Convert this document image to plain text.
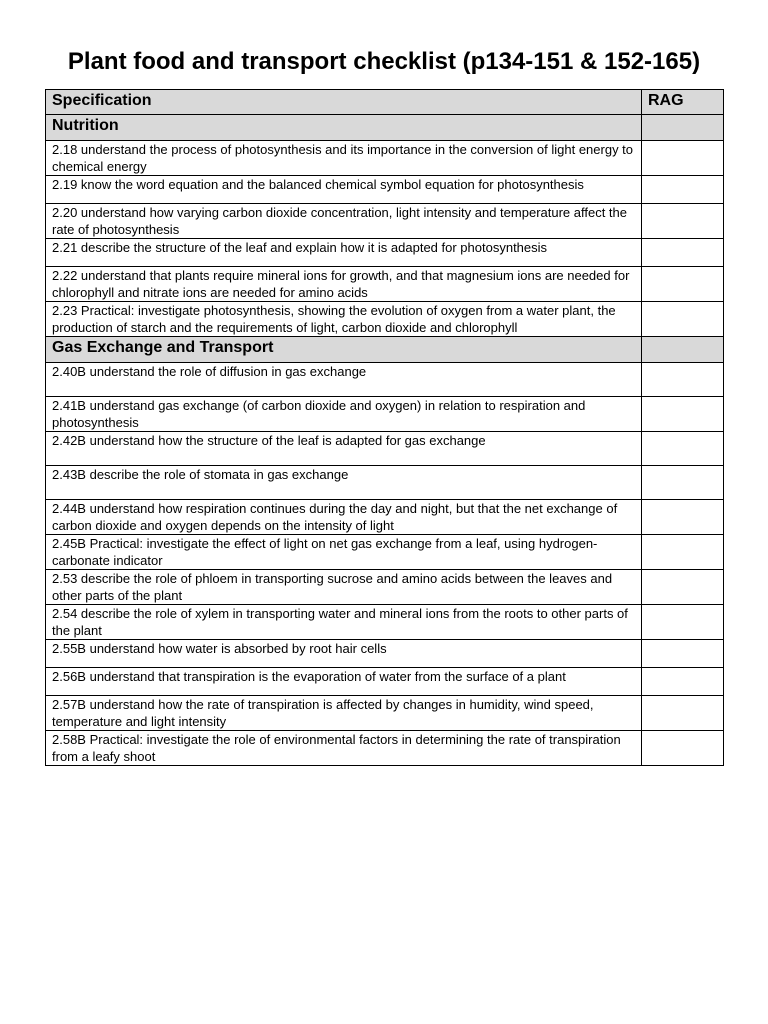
Plant food and transport checklist (p134-151 & 152-165)
Specification	RAG
Nutrition	
2.18 understand the process of photosynthesis and its importance in the conversion of light energy to chemical energy	
2.19 know the word equation and the balanced chemical symbol equation for photosynthesis	
2.20 understand how varying carbon dioxide concentration, light intensity and temperature affect the rate of photosynthesis	
2.21 describe the structure of the leaf and explain how it is adapted for photosynthesis	
2.22 understand that plants require mineral ions for growth, and that magnesium ions are needed for chlorophyll and nitrate ions are needed for amino acids	
2.23 Practical: investigate photosynthesis, showing the evolution of oxygen from a water plant, the production of starch and the requirements of light, carbon dioxide and chlorophyll	
Gas Exchange and Transport	
2.40B understand the role of diffusion in gas exchange	
2.41B understand gas exchange (of carbon dioxide and oxygen) in relation to respiration and photosynthesis	
2.42B understand how the structure of the leaf is adapted for gas exchange	
2.43B describe the role of stomata in gas exchange	
2.44B understand how respiration continues during the day and night, but that the net exchange of carbon dioxide and oxygen depends on the intensity of light	
2.45B Practical: investigate the effect of light on net gas exchange from a leaf, using hydrogen-carbonate indicator	
2.53 describe the role of phloem in transporting sucrose and amino acids between the leaves and other parts of the plant	
2.54 describe the role of xylem in transporting water and mineral ions from the roots to other parts of the plant	
2.55B understand how water is absorbed by root hair cells	
2.56B understand that transpiration is the evaporation of water from the surface of a plant	
2.57B understand how the rate of transpiration is affected by changes in humidity, wind speed, temperature and light intensity	
2.58B Practical: investigate the role of environmental factors in determining the rate of transpiration from a leafy shoot	
